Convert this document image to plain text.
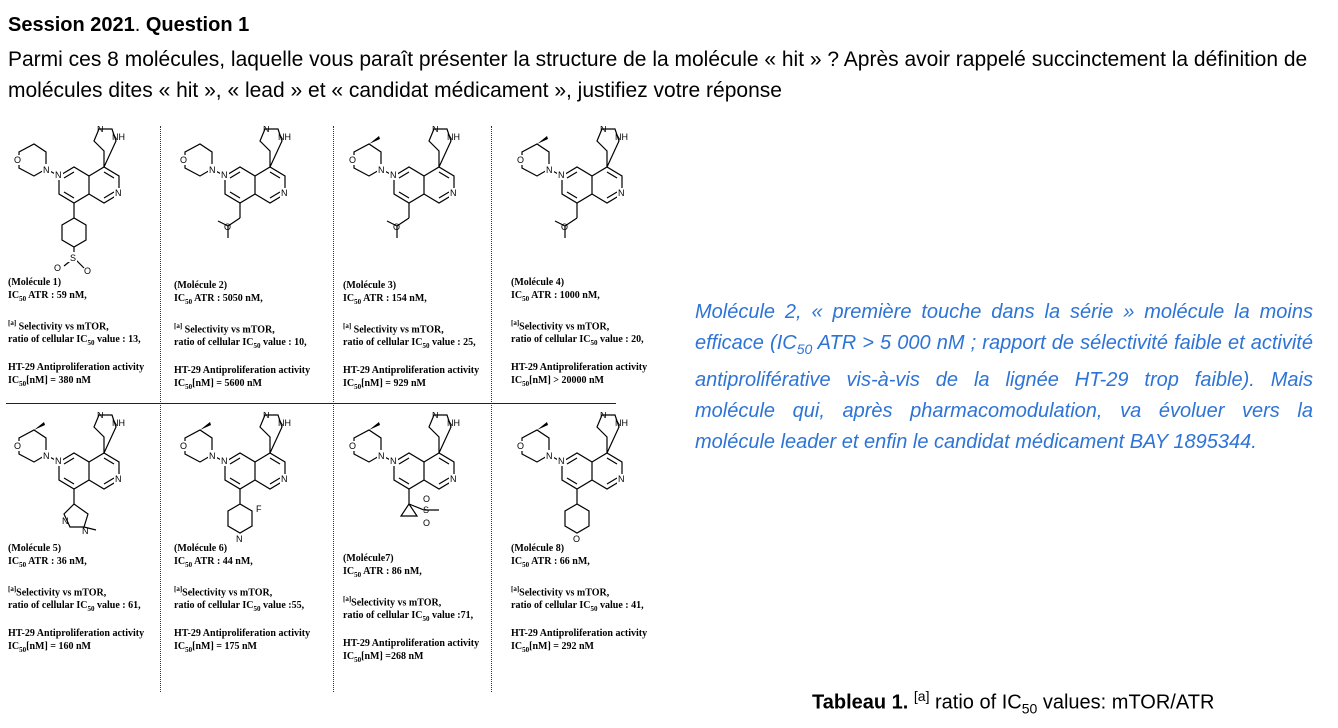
Session 2021. Question 1
Parmi ces 8 molécules, laquelle vous paraît présenter la structure de la molécule « hit » ? Après avoir rappelé succinctement la définition de molécules dites « hit », « lead » et « candidat médicament », justifiez votre réponse
N
N
N
O
N
NH
S
O	O
(Molécule 1)
$IC_{50}$ ATR : 59 nM,
[a] Selectivity vs mTOR,
ratio of cellular $IC_{50}$ value : 13,
HT-29 Antiproliferation activity
$IC_{50}[nM] = 380$ nM
N
N
N
O
N
NH
O
(Molécule 2)
$IC_{50}$ ATR : 5050 nM,
[a] Selectivity vs mTOR,
ratio of cellular $IC_{50}$ value : 10,
HT-29 Antiproliferation activity
$IC_{50}[nM] = 5600$ nM
N
N
N
O
N
NH
O
(Molécule 3)
$IC_{50}$ ATR : 154 nM,
[a] Selectivity vs mTOR,
ratio of cellular $IC_{50}$ value : 25,
HT-29 Antiproliferation activity
$IC_{50}[nM] = 929$ nM
N
N
N
O
N
NH
O
(Molécule 4)
$IC_{50}$ ATR : 1000 nM,
[a]Selectivity vs mTOR,
ratio of cellular $IC_{50}$ value : 20,
HT-29 Antiproliferation activity
$IC_{50}[nM] > 20000$ nM
N
N
N
O
N
NH
N
N
(Molécule 5)
$IC_{50}$ ATR : 36 nM,
[a]Selectivity vs mTOR,
ratio of cellular $IC_{50}$ value : 61,
HT-29 Antiproliferation activity
$IC_{50}[nM] = 160$ nM
N
N
N
O
N
NH
F
N
(Molécule 6)
$IC_{50}$ ATR : 44 nM,
[a]Selectivity vs mTOR,
ratio of cellular $IC_{50}$ value :55,
HT-29 Antiproliferation activity
$IC_{50}[nM] = 175$ nM
N
N
N
O
N
NH
S
O
O
(Molécule7)
$IC_{50}$ ATR : 86 nM,
[a]Selectivity vs mTOR,
ratio of cellular $IC_{50}$ value :71,
HT-29 Antiproliferation activity
$IC_{50}[nM] =268$ nM
N
N
N
O
N
NH
O
(Molécule 8)
$IC_{50}$ ATR : 66 nM,
[a]Selectivity vs mTOR,
ratio of cellular $IC_{50}$ value : 41,
HT-29 Antiproliferation activity
$IC_{50}[nM] = 292$ nM
Molécule 2, « première touche dans la série » molécule la moins efficace ($IC_{50}$ ATR > 5 000 nM ; rapport de sélectivité faible et activité antiproliférative vis-à-vis de la lignée HT-29 trop faible). Mais molécule qui, après pharmacomodulation, va évoluer vers la molécule leader et enfin le candidat médicament BAY 1895344.
Tableau 1. [a] ratio of $IC_{50}$ values: mTOR/ATR
